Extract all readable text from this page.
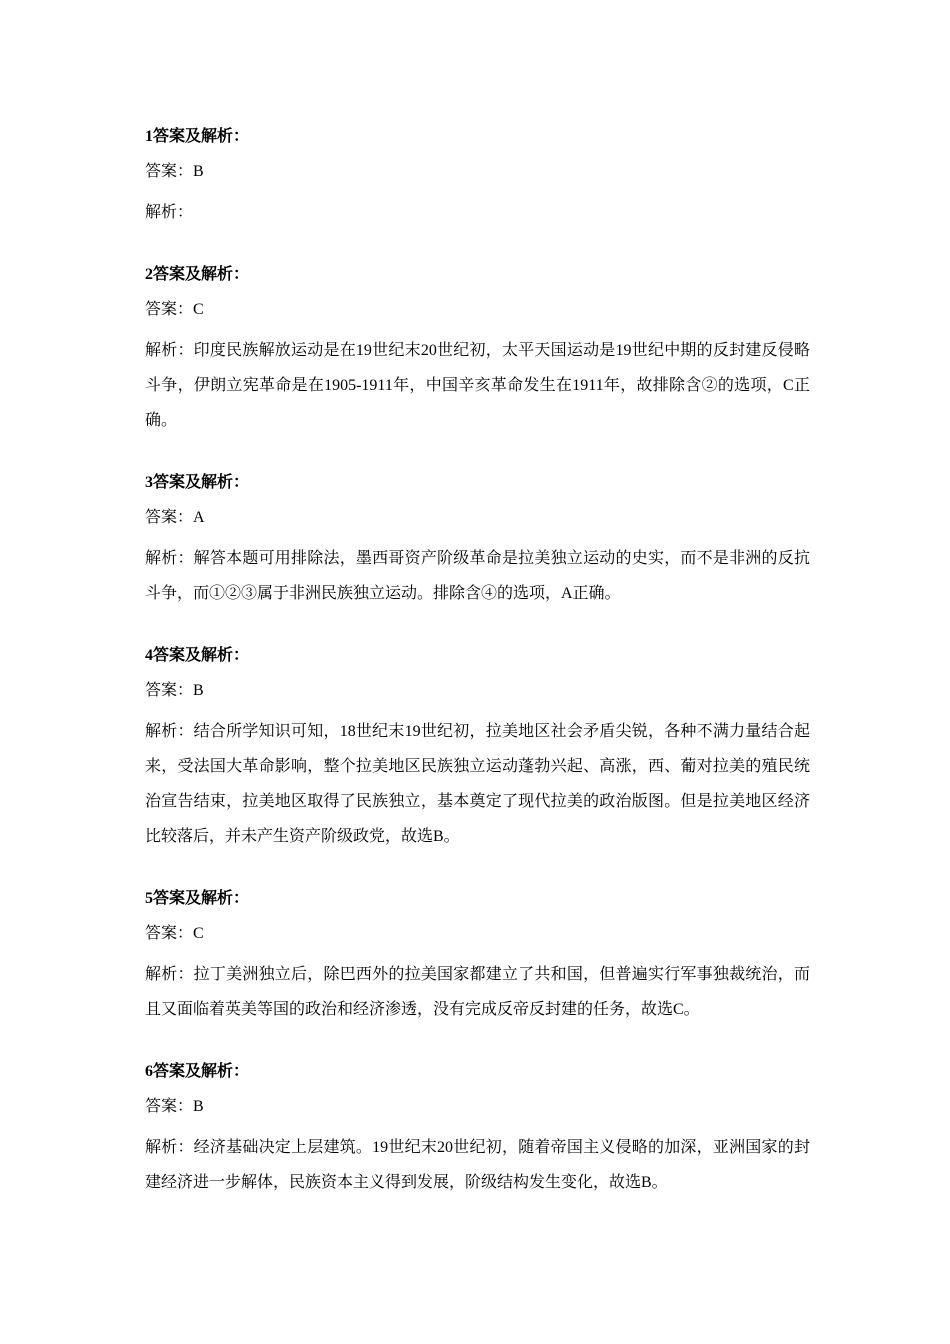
1答案及解析：

答案：B

解析：

2答案及解析：

答案：C

解析：印度民族解放运动是在19世纪末20世纪初，太平天国运动是19世纪中期的反封建反侵略斗争，伊朗立宪革命是在1905-1911年，中国辛亥革命发生在1911年，故排除含②的选项，C正确。

3答案及解析：

答案：A

解析：解答本题可用排除法，墨西哥资产阶级革命是拉美独立运动的史实，而不是非洲的反抗斗争，而①②③属于非洲民族独立运动。排除含④的选项，A正确。

4答案及解析：

答案：B

解析：结合所学知识可知，18世纪末19世纪初，拉美地区社会矛盾尖锐，各种不满力量结合起来，受法国大革命影响，整个拉美地区民族独立运动蓬勃兴起、高涨，西、葡对拉美的殖民统治宣告结束，拉美地区取得了民族独立，基本奠定了现代拉美的政治版图。但是拉美地区经济比较落后，并未产生资产阶级政党，故选B。

5答案及解析：

答案：C

解析：拉丁美洲独立后，除巴西外的拉美国家都建立了共和国，但普遍实行军事独裁统治，而且又面临着英美等国的政治和经济渗透，没有完成反帝反封建的任务，故选C。

6答案及解析：

答案：B

解析：经济基础决定上层建筑。19世纪末20世纪初，随着帝国主义侵略的加深，亚洲国家的封建经济进一步解体，民族资本主义得到发展，阶级结构发生变化，故选B。
